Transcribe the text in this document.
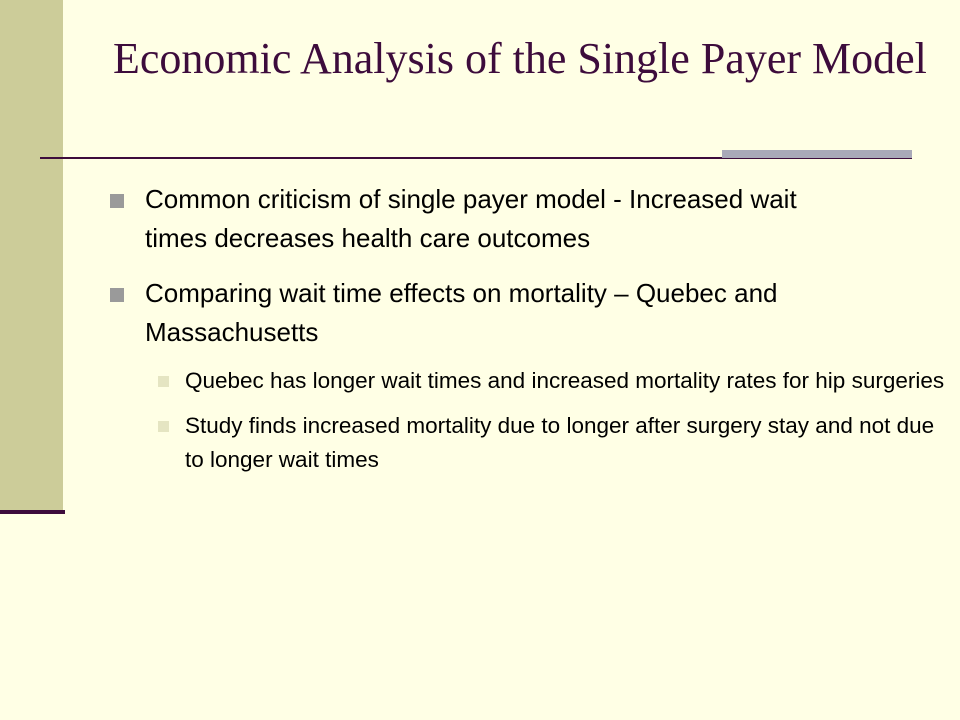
Economic Analysis of the Single Payer Model
Common criticism of single payer model - Increased wait times decreases health care outcomes
Comparing wait time effects on mortality – Quebec and Massachusetts
Quebec has longer wait times and increased mortality rates for hip surgeries
Study finds increased mortality due to longer after surgery stay and not due to longer wait times
